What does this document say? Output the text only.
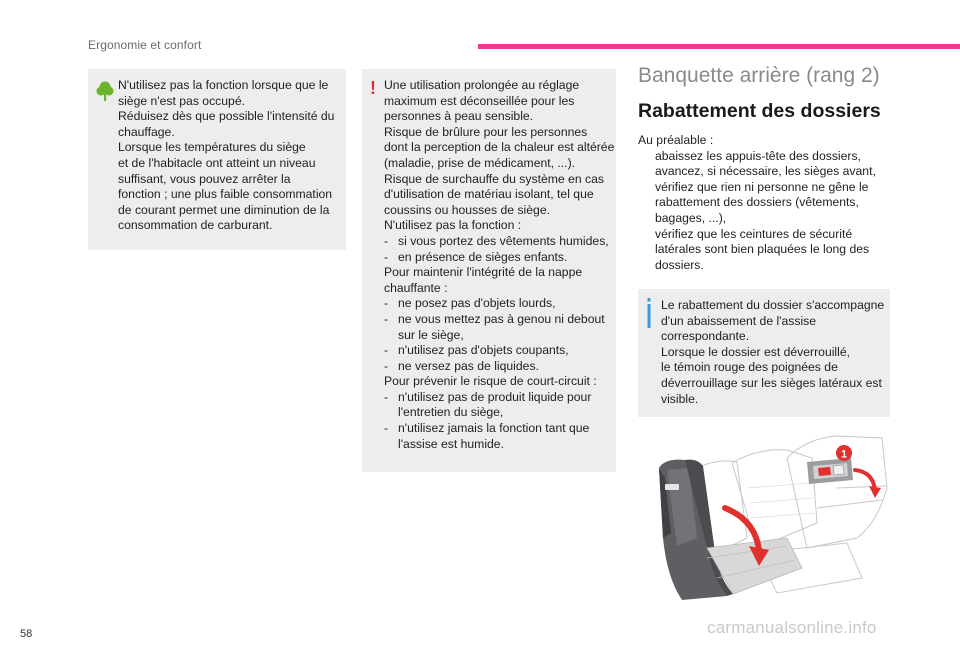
Ergonomie et confort
N'utilisez pas la fonction lorsque que le
siège n'est pas occupé.
Réduisez dès que possible l'intensité du
chauffage.
Lorsque les températures du siège
et de l'habitacle ont atteint un niveau
suffisant, vous pouvez arrêter la
fonction ; une plus faible consommation
de courant permet une diminution de la
consommation de carburant.
Une utilisation prolongée au réglage
maximum est déconseillée pour les
personnes à peau sensible.
Risque de brûlure pour les personnes
dont la perception de la chaleur est altérée
(maladie, prise de médicament, ...).
Risque de surchauffe du système en cas
d'utilisation de matériau isolant, tel que
coussins ou housses de siège.
N'utilisez pas la fonction :
- si vous portez des vêtements humides,
- en présence de sièges enfants.
Pour maintenir l'intégrité de la nappe
chauffante :
- ne posez pas d'objets lourds,
- ne vous mettez pas à genou ni debout
sur le siège,
- n'utilisez pas d'objets coupants,
- ne versez pas de liquides.
Pour prévenir le risque de court-circuit :
- n'utilisez pas de produit liquide pour
l'entretien du siège,
- n'utilisez jamais la fonction tant que
l'assise est humide.
!
Banquette arrière (rang 2)
Rabattement des dossiers
Au préalable :
abaissez les appuis-tête des dossiers,
avancez, si nécessaire, les sièges avant,
vérifiez que rien ni personne ne gêne le
rabattement des dossiers (vêtements,
bagages, ...),
vérifiez que les ceintures de sécurité
latérales sont bien plaquées le long des
dossiers.
Le rabattement du dossier s'accompagne
d'un abaissement de l'assise
correspondante.
Lorsque le dossier est déverrouillé,
le témoin rouge des poignées de
déverrouillage sur les sièges latéraux est
visible.
1
58	carmanualsonline.info
